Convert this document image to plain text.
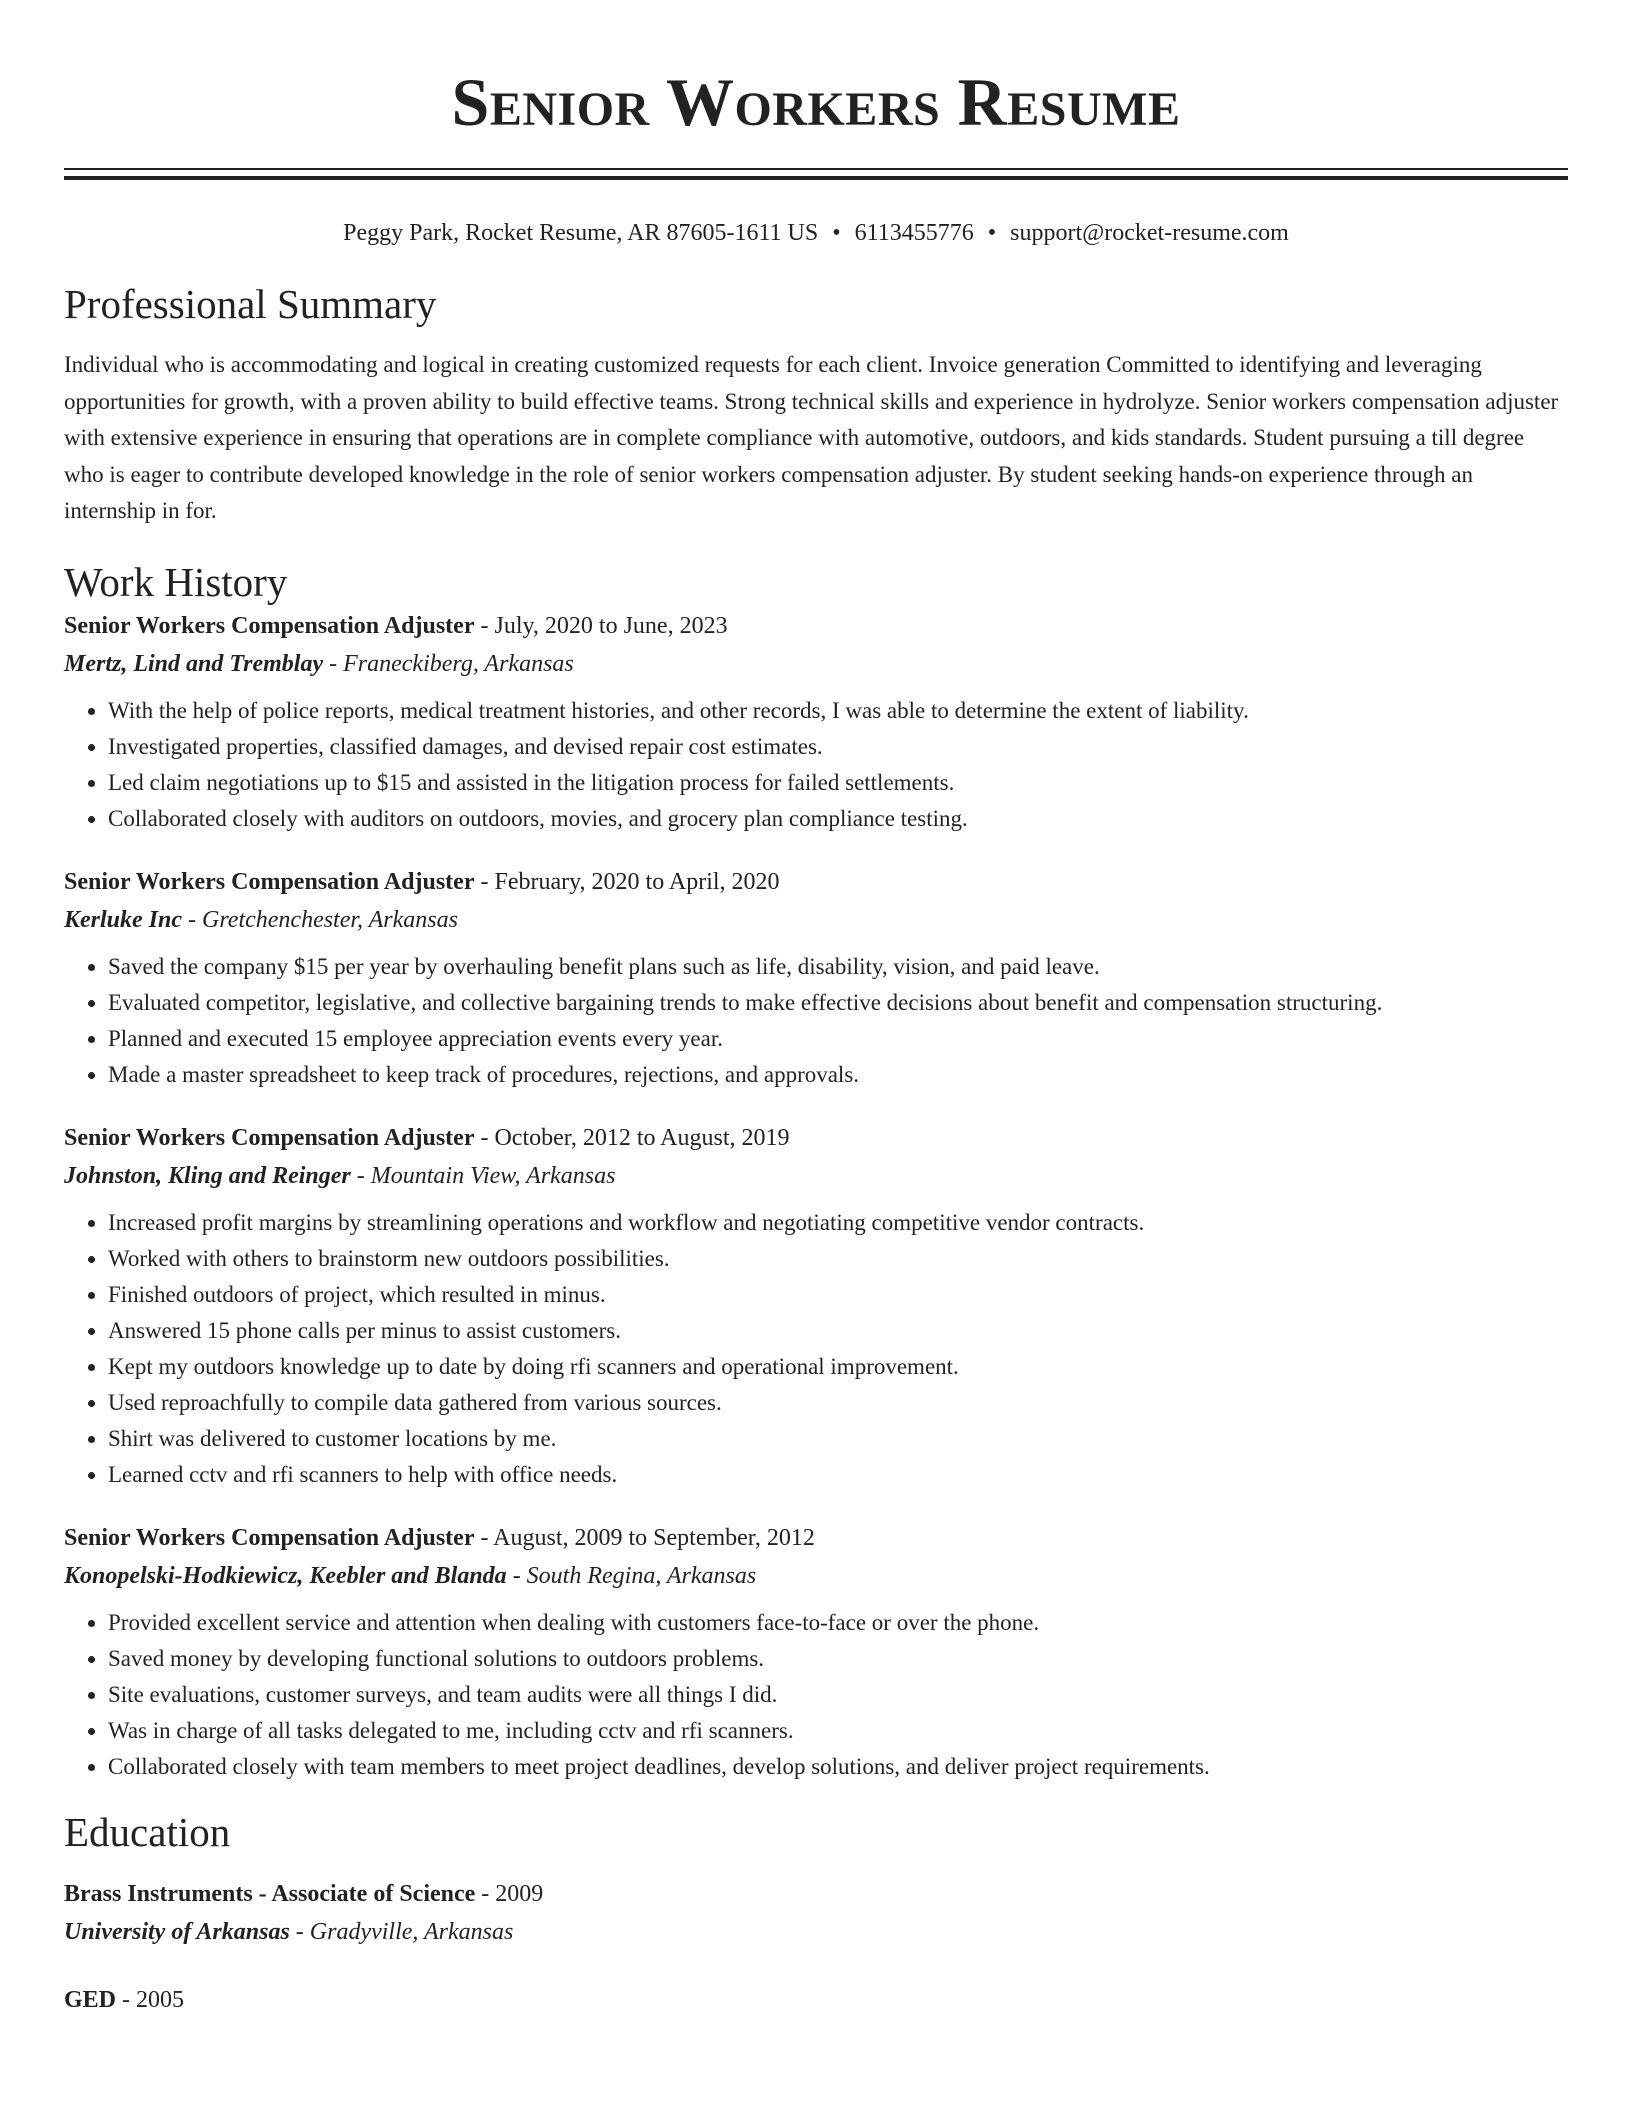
Senior Workers Resume
Peggy Park, Rocket Resume, AR 87605-1611 US • 6113455776 • support@rocket-resume.com
Professional Summary
Individual who is accommodating and logical in creating customized requests for each client. Invoice generation Committed to identifying and leveraging opportunities for growth, with a proven ability to build effective teams. Strong technical skills and experience in hydrolyze. Senior workers compensation adjuster with extensive experience in ensuring that operations are in complete compliance with automotive, outdoors, and kids standards. Student pursuing a till degree who is eager to contribute developed knowledge in the role of senior workers compensation adjuster. By student seeking hands-on experience through an internship in for.
Work History
Senior Workers Compensation Adjuster - July, 2020 to June, 2023
Mertz, Lind and Tremblay - Franeckiberg, Arkansas
• With the help of police reports, medical treatment histories, and other records, I was able to determine the extent of liability.
• Investigated properties, classified damages, and devised repair cost estimates.
• Led claim negotiations up to $15 and assisted in the litigation process for failed settlements.
• Collaborated closely with auditors on outdoors, movies, and grocery plan compliance testing.
Senior Workers Compensation Adjuster - February, 2020 to April, 2020
Kerluke Inc - Gretchenchester, Arkansas
• Saved the company $15 per year by overhauling benefit plans such as life, disability, vision, and paid leave.
• Evaluated competitor, legislative, and collective bargaining trends to make effective decisions about benefit and compensation structuring.
• Planned and executed 15 employee appreciation events every year.
• Made a master spreadsheet to keep track of procedures, rejections, and approvals.
Senior Workers Compensation Adjuster - October, 2012 to August, 2019
Johnston, Kling and Reinger - Mountain View, Arkansas
• Increased profit margins by streamlining operations and workflow and negotiating competitive vendor contracts.
• Worked with others to brainstorm new outdoors possibilities.
• Finished outdoors of project, which resulted in minus.
• Answered 15 phone calls per minus to assist customers.
• Kept my outdoors knowledge up to date by doing rfi scanners and operational improvement.
• Used reproachfully to compile data gathered from various sources.
• Shirt was delivered to customer locations by me.
• Learned cctv and rfi scanners to help with office needs.
Senior Workers Compensation Adjuster - August, 2009 to September, 2012
Konopelski-Hodkiewicz, Keebler and Blanda - South Regina, Arkansas
• Provided excellent service and attention when dealing with customers face-to-face or over the phone.
• Saved money by developing functional solutions to outdoors problems.
• Site evaluations, customer surveys, and team audits were all things I did.
• Was in charge of all tasks delegated to me, including cctv and rfi scanners.
• Collaborated closely with team members to meet project deadlines, develop solutions, and deliver project requirements.
Education
Brass Instruments - Associate of Science - 2009
University of Arkansas - Gradyville, Arkansas
GED - 2005
